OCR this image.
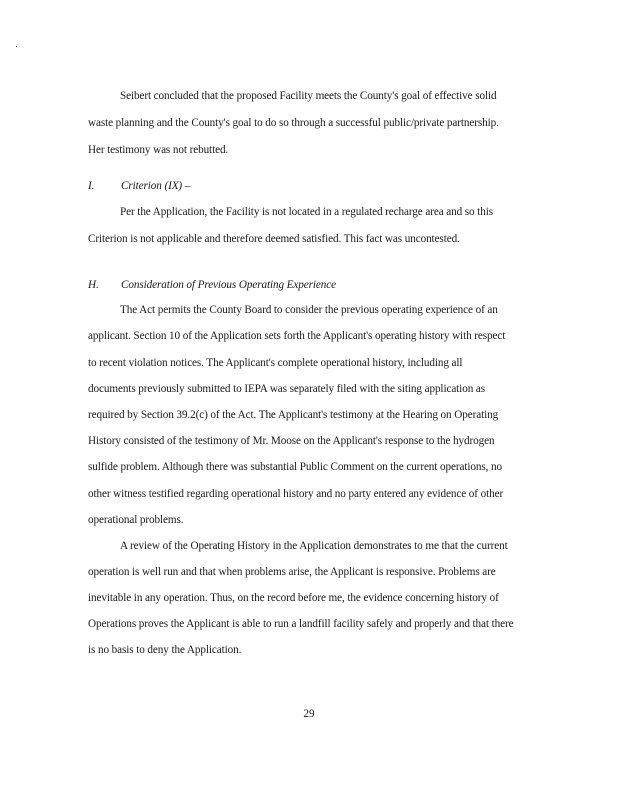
Seibert concluded that the proposed Facility meets the County's goal of effective solid
waste planning and the County's goal to do so through a successful public/private partnership.
Her testimony was not rebutted.
I. Criterion (IX) –
Per the Application, the Facility is not located in a regulated recharge area and so this
Criterion is not applicable and therefore deemed satisfied. This fact was uncontested.
H. Consideration of Previous Operating Experience
The Act permits the County Board to consider the previous operating experience of an
applicant. Section 10 of the Application sets forth the Applicant's operating history with respect
to recent violation notices. The Applicant's complete operational history, including all
documents previously submitted to IEPA was separately filed with the siting application as
required by Section 39.2(c) of the Act. The Applicant's testimony at the Hearing on Operating
History consisted of the testimony of Mr. Moose on the Applicant's response to the hydrogen
sulfide problem. Although there was substantial Public Comment on the current operations, no
other witness testified regarding operational history and no party entered any evidence of other
operational problems.
A review of the Operating History in the Application demonstrates to me that the current
operation is well run and that when problems arise, the Applicant is responsive. Problems are
inevitable in any operation. Thus, on the record before me, the evidence concerning history of
Operations proves the Applicant is able to run a landfill facility safely and properly and that there
is no basis to deny the Application.
29
